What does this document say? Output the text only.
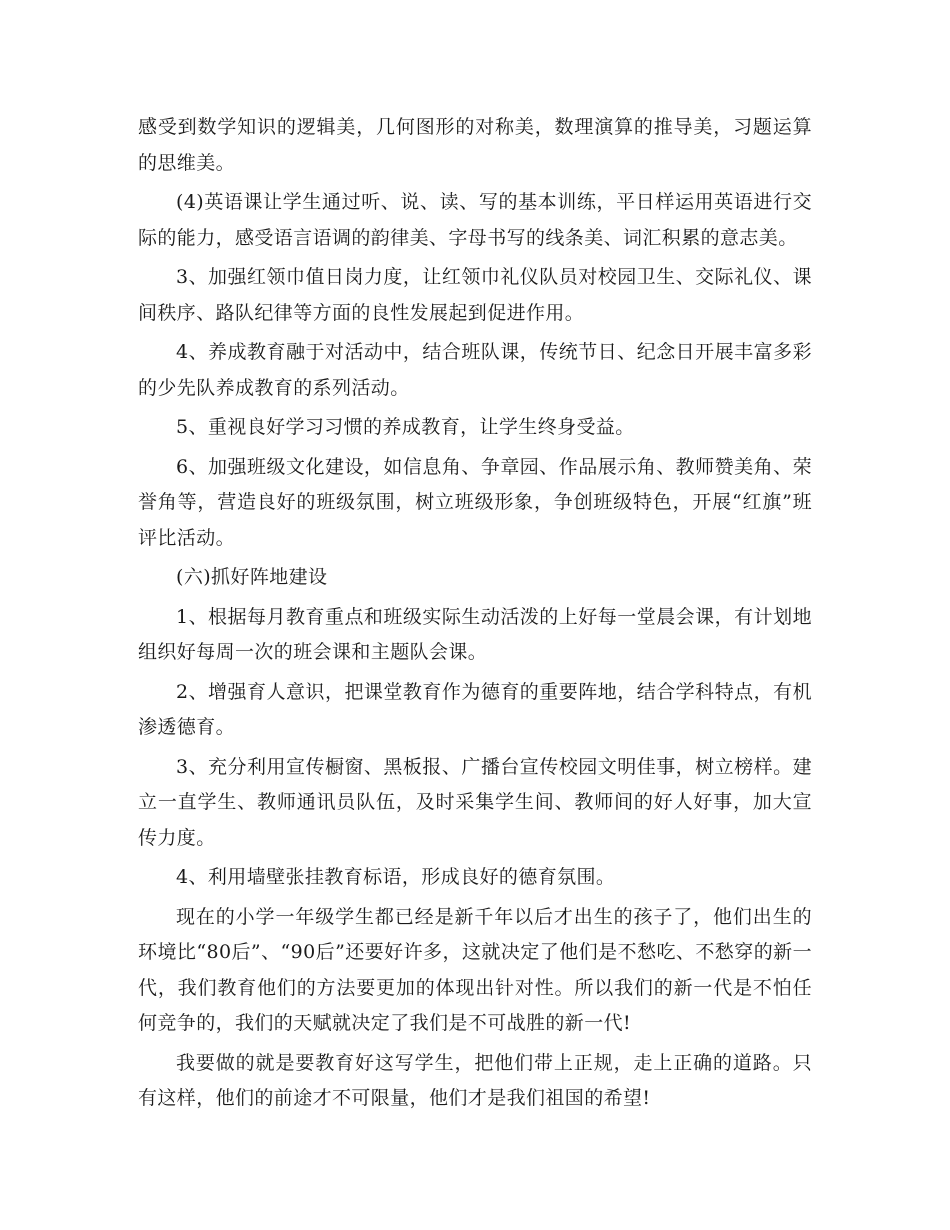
感受到数学知识的逻辑美，几何图形的对称美，数理演算的推导美，习题运算的思维美。

(4)英语课让学生通过听、说、读、写的基本训练，平日样运用英语进行交际的能力，感受语言语调的韵律美、字母书写的线条美、词汇积累的意志美。

3、加强红领巾值日岗力度，让红领巾礼仪队员对校园卫生、交际礼仪、课间秩序、路队纪律等方面的良性发展起到促进作用。

4、养成教育融于对活动中，结合班队课，传统节日、纪念日开展丰富多彩的少先队养成教育的系列活动。

5、重视良好学习习惯的养成教育，让学生终身受益。

6、加强班级文化建设，如信息角、争章园、作品展示角、教师赞美角、荣誉角等，营造良好的班级氛围，树立班级形象，争创班级特色，开展“红旗”班评比活动。

(六)抓好阵地建设

1、根据每月教育重点和班级实际生动活泼的上好每一堂晨会课，有计划地组织好每周一次的班会课和主题队会课。

2、增强育人意识，把课堂教育作为德育的重要阵地，结合学科特点，有机渗透德育。

3、充分利用宣传橱窗、黑板报、广播台宣传校园文明佳事，树立榜样。建立一直学生、教师通讯员队伍，及时采集学生间、教师间的好人好事，加大宣传力度。

4、利用墙壁张挂教育标语，形成良好的德育氛围。

现在的小学一年级学生都已经是新千年以后才出生的孩子了，他们出生的环境比“80后”、“90后”还要好许多，这就决定了他们是不愁吃、不愁穿的新一代，我们教育他们的方法要更加的体现出针对性。所以我们的新一代是不怕任何竞争的，我们的天赋就决定了我们是不可战胜的新一代!

我要做的就是要教育好这写学生，把他们带上正规，走上正确的道路。只有这样，他们的前途才不可限量，他们才是我们祖国的希望!
